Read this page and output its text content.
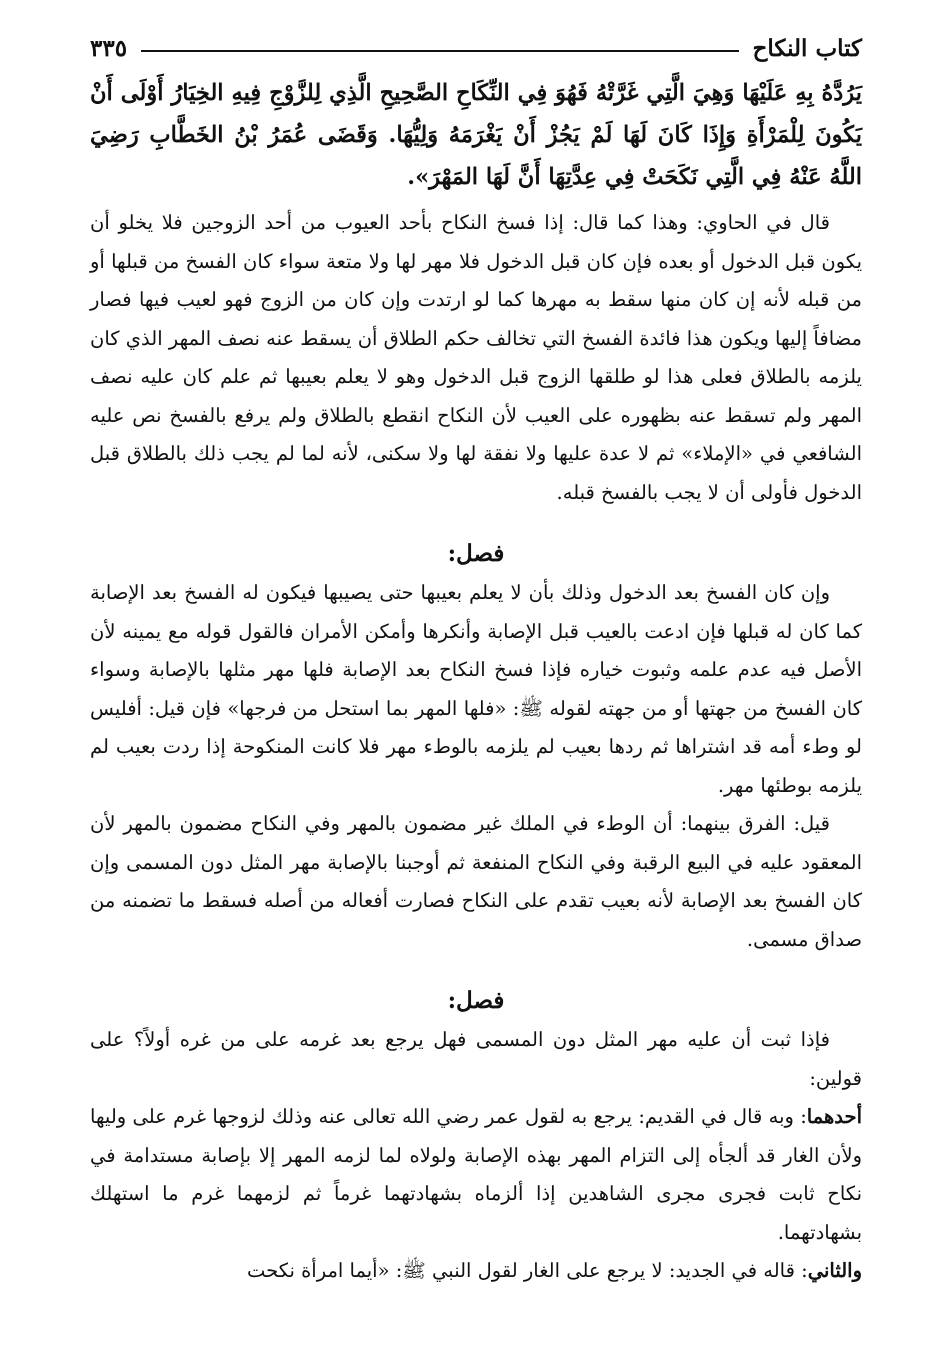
كتاب النكاح
٣٣٥

يَرُدَّهُ بِهِ عَلَيْهَا وَهِيَ الَّتِي غَرَّتْهُ فَهُوَ فِي النِّكَاحِ الصَّحِيحِ الَّذِي لِلزَّوْجِ فِيهِ الخِيَارُ أَوْلَى أَنْ يَكُونَ لِلْمَرْأَةِ وَإِذَا كَانَ لَهَا لَمْ يَجُزْ أَنْ يَغْرَمَهُ وَلِيُّهَا. وَقَضَى عُمَرُ بْنُ الخَطَّابِ رَضِيَ اللَّهُ عَنْهُ فِي الَّتِي نَكَحَتْ فِي عِدَّتِهَا أَنَّ لَهَا المَهْرَ».

قال في الحاوي: وهذا كما قال: إذا فسخ النكاح بأحد العيوب من أحد الزوجين فلا يخلو أن يكون قبل الدخول أو بعده فإن كان قبل الدخول فلا مهر لها ولا متعة سواء كان الفسخ من قبلها أو من قبله لأنه إن كان منها سقط به مهرها كما لو ارتدت وإن كان من الزوج فهو لعيب فيها فصار مضافاً إليها ويكون هذا فائدة الفسخ التي تخالف حكم الطلاق أن يسقط عنه نصف المهر الذي كان يلزمه بالطلاق فعلى هذا لو طلقها الزوج قبل الدخول وهو لا يعلم بعيبها ثم علم كان عليه نصف المهر ولم تسقط عنه بظهوره على العيب لأن النكاح انقطع بالطلاق ولم يرفع بالفسخ نص عليه الشافعي في «الإملاء» ثم لا عدة عليها ولا نفقة لها ولا سكنى، لأنه لما لم يجب ذلك بالطلاق قبل الدخول فأولى أن لا يجب بالفسخ قبله.

فصل:

وإن كان الفسخ بعد الدخول وذلك بأن لا يعلم بعيبها حتى يصيبها فيكون له الفسخ بعد الإصابة كما كان له قبلها فإن ادعت بالعيب قبل الإصابة وأنكرها وأمكن الأمران فالقول قوله مع يمينه لأن الأصل فيه عدم علمه وثبوت خياره فإذا فسخ النكاح بعد الإصابة فلها مهر مثلها بالإصابة وسواء كان الفسخ من جهتها أو من جهته لقوله ﷺ: «فلها المهر بما استحل من فرجها» فإن قيل: أفليس لو وطء أمه قد اشتراها ثم ردها بعيب لم يلزمه بالوطء مهر فلا كانت المنكوحة إذا ردت بعيب لم يلزمه بوطئها مهر.

قيل: الفرق بينهما: أن الوطء في الملك غير مضمون بالمهر وفي النكاح مضمون بالمهر لأن المعقود عليه في البيع الرقبة وفي النكاح المنفعة ثم أوجبنا بالإصابة مهر المثل دون المسمى وإن كان الفسخ بعد الإصابة لأنه بعيب تقدم على النكاح فصارت أفعاله من أصله فسقط ما تضمنه من صداق مسمى.

فصل:

فإذا ثبت أن عليه مهر المثل دون المسمى فهل يرجع بعد غرمه على من غره أولاً؟ على قولين:

أحدهما: وبه قال في القديم: يرجع به لقول عمر رضي الله تعالى عنه وذلك لزوجها غرم على وليها ولأن الغار قد ألجأه إلى التزام المهر بهذه الإصابة ولولاه لما لزمه المهر إلا بإصابة مستدامة في نكاح ثابت فجرى مجرى الشاهدين إذا ألزماه بشهادتهما غرماً ثم لزمهما غرم ما استهلك بشهادتهما.

والثاني: قاله في الجديد: لا يرجع على الغار لقول النبي ﷺ: «أيما امرأة نكحت
